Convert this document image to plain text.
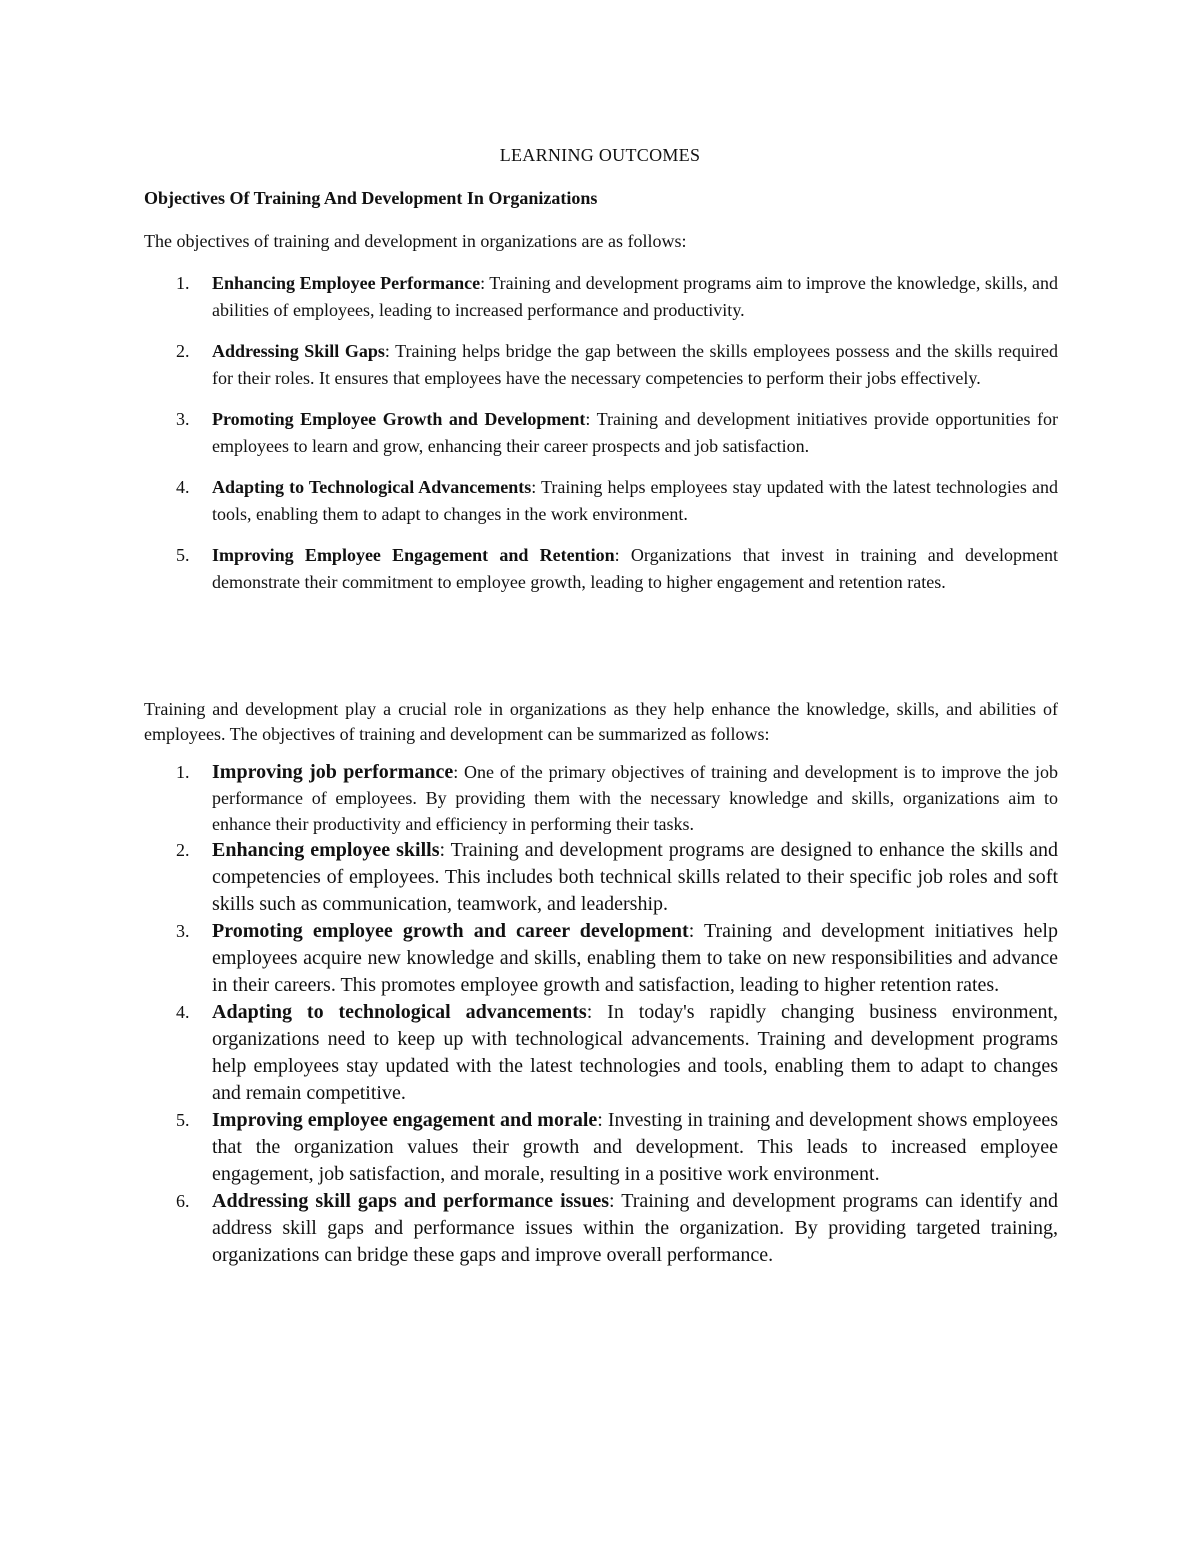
LEARNING OUTCOMES
Objectives Of Training And Development In Organizations
The objectives of training and development in organizations are as follows:
1. Enhancing Employee Performance: Training and development programs aim to improve the knowledge, skills, and abilities of employees, leading to increased performance and productivity.
2. Addressing Skill Gaps: Training helps bridge the gap between the skills employees possess and the skills required for their roles. It ensures that employees have the necessary competencies to perform their jobs effectively.
3. Promoting Employee Growth and Development: Training and development initiatives provide opportunities for employees to learn and grow, enhancing their career prospects and job satisfaction.
4. Adapting to Technological Advancements: Training helps employees stay updated with the latest technologies and tools, enabling them to adapt to changes in the work environment.
5. Improving Employee Engagement and Retention: Organizations that invest in training and development demonstrate their commitment to employee growth, leading to higher engagement and retention rates.
Training and development play a crucial role in organizations as they help enhance the knowledge, skills, and abilities of employees. The objectives of training and development can be summarized as follows:
1. Improving job performance: One of the primary objectives of training and development is to improve the job performance of employees. By providing them with the necessary knowledge and skills, organizations aim to enhance their productivity and efficiency in performing their tasks.
2. Enhancing employee skills: Training and development programs are designed to enhance the skills and competencies of employees. This includes both technical skills related to their specific job roles and soft skills such as communication, teamwork, and leadership.
3. Promoting employee growth and career development: Training and development initiatives help employees acquire new knowledge and skills, enabling them to take on new responsibilities and advance in their careers. This promotes employee growth and satisfaction, leading to higher retention rates.
4. Adapting to technological advancements: In today's rapidly changing business environment, organizations need to keep up with technological advancements. Training and development programs help employees stay updated with the latest technologies and tools, enabling them to adapt to changes and remain competitive.
5. Improving employee engagement and morale: Investing in training and development shows employees that the organization values their growth and development. This leads to increased employee engagement, job satisfaction, and morale, resulting in a positive work environment.
6. Addressing skill gaps and performance issues: Training and development programs can identify and address skill gaps and performance issues within the organization. By providing targeted training, organizations can bridge these gaps and improve overall performance.
